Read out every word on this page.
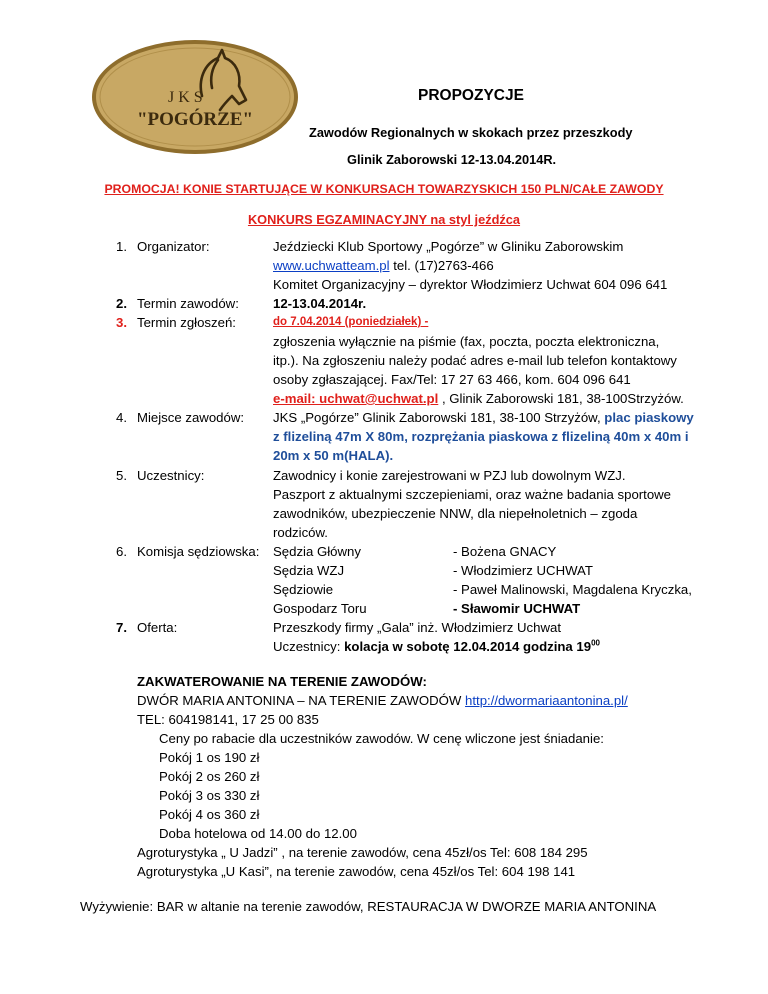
JKS
"POGÓRZE"
PROPOZYCJE
Zawodów Regionalnych w skokach przez przeszkody
Glinik Zaborowski 12-13.04.2014R.
PROMOCJA! KONIE STARTUJĄCE W KONKURSACH TOWARZYSKICH 150 PLN/CAŁE ZAWODY
KONKURS EGZAMINACYJNY na styl jeźdźca
1. Organizator:	Jeździecki Klub Sportowy „Pogórze” w Gliniku Zaborowskim
www.uchwatteam.pl tel. (17)2763-466
Komitet Organizacyjny – dyrektor Włodzimierz Uchwat 604 096 641
2. Termin zawodów:	12-13.04.2014r.
3. Termin zgłoszeń:	do 7.04.2014 (poniedziałek) -
zgłoszenia wyłącznie na piśmie (fax, poczta, poczta elektroniczna,
itp.). Na zgłoszeniu należy podać adres e-mail lub telefon kontaktowy
osoby zgłaszającej. Fax/Tel: 17 27 63 466, kom. 604 096 641
e-mail: uchwat@uchwat.pl , Glinik Zaborowski 181, 38-100Strzyżów.
4. Miejsce zawodów: JKS „Pogórze” Glinik Zaborowski 181, 38-100 Strzyżów, plac piaskowy
z flizeliną 47m X 80m, rozprężania piaskowa z flizeliną 40m x 40m i
20m x 50 m(HALA).
5. Uczestnicy:	Zawodnicy i konie zarejestrowani w PZJ lub dowolnym WZJ.
Paszport z aktualnymi szczepieniami, oraz ważne badania sportowe
zawodników, ubezpieczenie NNW, dla niepełnoletnich – zgoda
rodziców.
6. Komisja sędziowska: Sędzia Główny	- Bożena GNACY
Sędzia WZJ	- Włodzimierz UCHWAT
Sędziowie	- Paweł Malinowski, Magdalena Kryczka,
Gospodarz Toru	- Sławomir UCHWAT
7. Oferta:	Przeszkody firmy „Gala” inż. Włodzimierz Uchwat
Uczestnicy: kolacja w sobotę 12.04.2014 godzina $19^{00}$
ZAKWATEROWANIE NA TERENIE ZAWODÓW:
DWÓR MARIA ANTONINA – NA TERENIE ZAWODÓW http://dwormariaantonina.pl/
TEL: 604198141, 17 25 00 835
Ceny po rabacie dla uczestników zawodów. W cenę wliczone jest śniadanie:
Pokój 1 os 190 zł
Pokój 2 os 260 zł
Pokój 3 os 330 zł
Pokój 4 os 360 zł
Doba hotelowa od 14.00 do 12.00
Agroturystyka „ U Jadzi” , na terenie zawodów, cena 45zł/os Tel: 608 184 295
Agroturystyka „U Kasi”, na terenie zawodów, cena 45zł/os Tel: 604 198 141
Wyżywienie: BAR w altanie na terenie zawodów, RESTAURACJA W DWORZE MARIA ANTONINA
